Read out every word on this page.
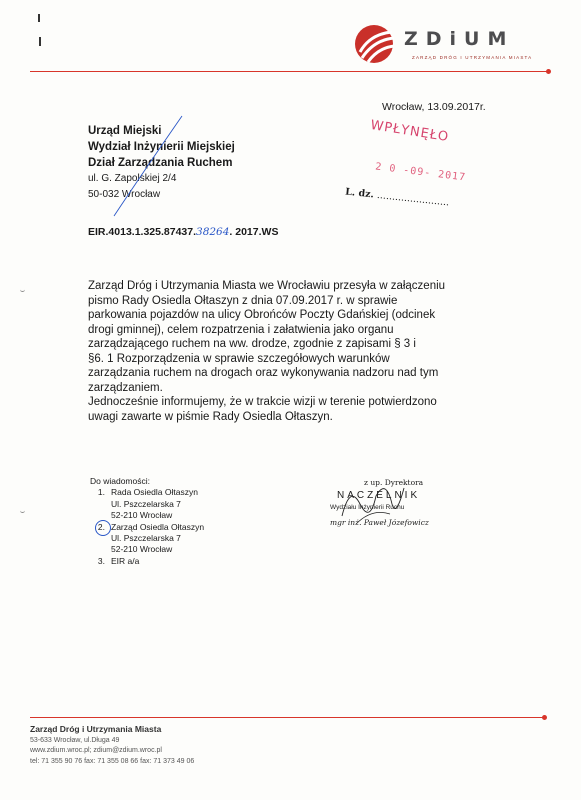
ZDiUM
ZARZĄD DRÓG I UTRZYMANIA MIASTA
Wrocław, 13.09.2017r.
Urząd Miejski
Wydział Inżynierii Miejskiej
Dział Zarządzania Ruchem
ul. G. Zapolskiej 2/4
50-032 Wrocław
WPŁYNĘŁO
2 0 -09- 2017
L. dz. ........................
EIR.4013.1.325.87437.38264. 2017.WS

Zarząd Dróg i Utrzymania Miasta we Wrocławiu przesyła w załączeniu
pismo Rady Osiedla Ołtaszyn z dnia 07.09.2017 r. w sprawie
parkowania pojazdów na ulicy Obrońców Poczty Gdańskiej (odcinek
drogi gminnej), celem rozpatrzenia i załatwienia jako organu
zarządzającego ruchem na ww. drodze, zgodnie z zapisami § 3 i
§6. 1 Rozporządzenia w sprawie szczegółowych warunków
zarządzania ruchem na drogach oraz wykonywania nadzoru nad tym
zarządzaniem.

Jednocześnie informujemy, że w trakcie wizji w terenie potwierdzono
uwagi zawarte w piśmie Rady Osiedla Ołtaszyn.

Do wiadomości:
1. Rada Osiedla Ołtaszyn
Ul. Pszczelarska 7
52-210 Wrocław
2. Zarząd Osiedla Ołtaszyn
Ul. Pszczelarska 7
52-210 Wrocław
3. EIR a/a
z up. Dyrektora
NACZELNIK
Wydziału Inżynierii Ruchu
mgr inż. Paweł Józefowicz
Zarząd Dróg i Utrzymania Miasta
53-633 Wrocław, ul.Długa 49
www.zdium.wroc.pl; zdium@zdium.wroc.pl
tel: 71 355 90 76 fax: 71 355 08 66 fax: 71 373 49 06
